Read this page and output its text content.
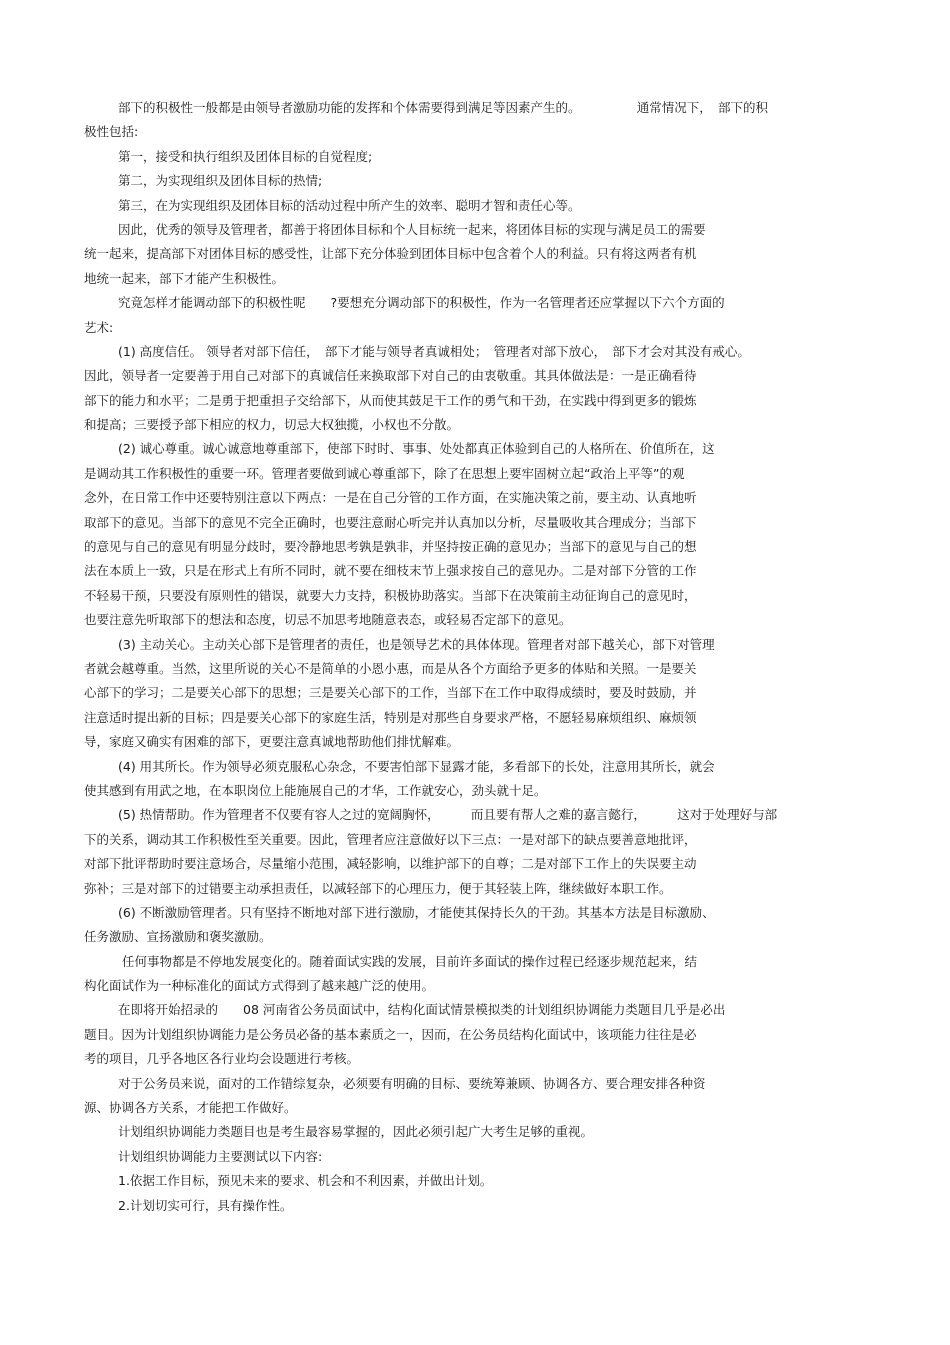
部下的积极性一般都是由领导者激励功能的发挥和个体需要得到满足等因素产生的。　　　　　通常情况下，　部下的积
极性包括:
第一，接受和执行组织及团体目标的自觉程度;
第二，为实现组织及团体目标的热情;
第三，在为实现组织及团体目标的活动过程中所产生的效率、聪明才智和责任心等。
因此，优秀的领导及管理者，都善于将团体目标和个人目标统一起来，将团体目标的实现与满足员工的需要
统一起来，提高部下对团体目标的感受性，让部下充分体验到团体目标中包含着个人的利益。只有将这两者有机
地统一起来，部下才能产生积极性。
究竟怎样才能调动部下的积极性呢　　?要想充分调动部下的积极性，作为一名管理者还应掌握以下六个方面的
艺术:
(1) 高度信任。 领导者对部下信任，　部下才能与领导者真诚相处；　管理者对部下放心，　部下才会对其没有戒心。
因此，领导者一定要善于用自己对部下的真诚信任来换取部下对自己的由衷敬重。其具体做法是：一是正确看待
部下的能力和水平；二是勇于把重担子交给部下，从而使其鼓足干工作的勇气和干劲，在实践中得到更多的锻炼
和提高；三要授予部下相应的权力，切忌大权独揽，小权也不分散。
(2) 诚心尊重。诚心诚意地尊重部下，使部下时时、事事、处处都真正体验到自己的人格所在、价值所在，这
是调动其工作积极性的重要一环。管理者要做到诚心尊重部下，除了在思想上要牢固树立起“政治上平等”的观
念外，在日常工作中还要特别注意以下两点：一是在自己分管的工作方面，在实施决策之前，要主动、认真地听
取部下的意见。当部下的意见不完全正确时，也要注意耐心听完并认真加以分析，尽量吸收其合理成分；当部下
的意见与自己的意见有明显分歧时，要冷静地思考孰是孰非，并坚持按正确的意见办；当部下的意见与自己的想
法在本质上一致，只是在形式上有所不同时，就不要在细枝末节上强求按自己的意见办。二是对部下分管的工作
不轻易干预，只要没有原则性的错误，就要大力支持，积极协助落实。当部下在决策前主动征询自己的意见时，
也要注意先听取部下的想法和态度，切忌不加思考地随意表态，或轻易否定部下的意见。
(3) 主动关心。主动关心部下是管理者的责任，也是领导艺术的具体体现。管理者对部下越关心，部下对管理
者就会越尊重。当然，这里所说的关心不是简单的小恩小惠，而是从各个方面给予更多的体贴和关照。一是要关
心部下的学习；二是要关心部下的思想；三是要关心部下的工作，当部下在工作中取得成绩时，要及时鼓励，并
注意适时提出新的目标；四是要关心部下的家庭生活，特别是对那些自身要求严格，不愿轻易麻烦组织、麻烦领
导，家庭又确实有困难的部下，更要注意真诚地帮助他们排忧解难。
(4) 用其所长。作为领导必须克服私心杂念，不要害怕部下显露才能，多看部下的长处，注意用其所长，就会
使其感到有用武之地，在本职岗位上能施展自己的才华，工作就安心，劲头就十足。
(5) 热情帮助。作为管理者不仅要有容人之过的宽阔胸怀，　　　而且要有帮人之难的嘉言懿行，　　　这对于处理好与部
下的关系，调动其工作积极性至关重要。因此，管理者应注意做好以下三点：一是对部下的缺点要善意地批评，
对部下批评帮助时要注意场合，尽量缩小范围，减轻影响，以维护部下的自尊；二是对部下工作上的失误要主动
弥补；三是对部下的过错要主动承担责任，以减轻部下的心理压力，便于其轻装上阵，继续做好本职工作。
(6) 不断激励管理者。只有坚持不断地对部下进行激励，才能使其保持长久的干劲。其基本方法是目标激励、
任务激励、宣扬激励和褒奖激励。
任何事物都是不停地发展变化的。随着面试实践的发展，目前许多面试的操作过程已经逐步规范起来，结
构化面试作为一种标准化的面试方式得到了越来越广泛的使用。
在即将开始招录的　　08 河南省公务员面试中，结构化面试情景模拟类的计划组织协调能力类题目几乎是必出
题目。因为计划组织协调能力是公务员必备的基本素质之一，因而，在公务员结构化面试中，该项能力往往是必
考的项目，几乎各地区各行业均会设题进行考核。
对于公务员来说，面对的工作错综复杂，必须要有明确的目标、要统筹兼顾、协调各方、要合理安排各种资
源、协调各方关系，才能把工作做好。
计划组织协调能力类题目也是考生最容易掌握的，因此必须引起广大考生足够的重视。
计划组织协调能力主要测试以下内容:
1.依据工作目标，预见未来的要求、机会和不利因素，并做出计划。
2.计划切实可行，具有操作性。
